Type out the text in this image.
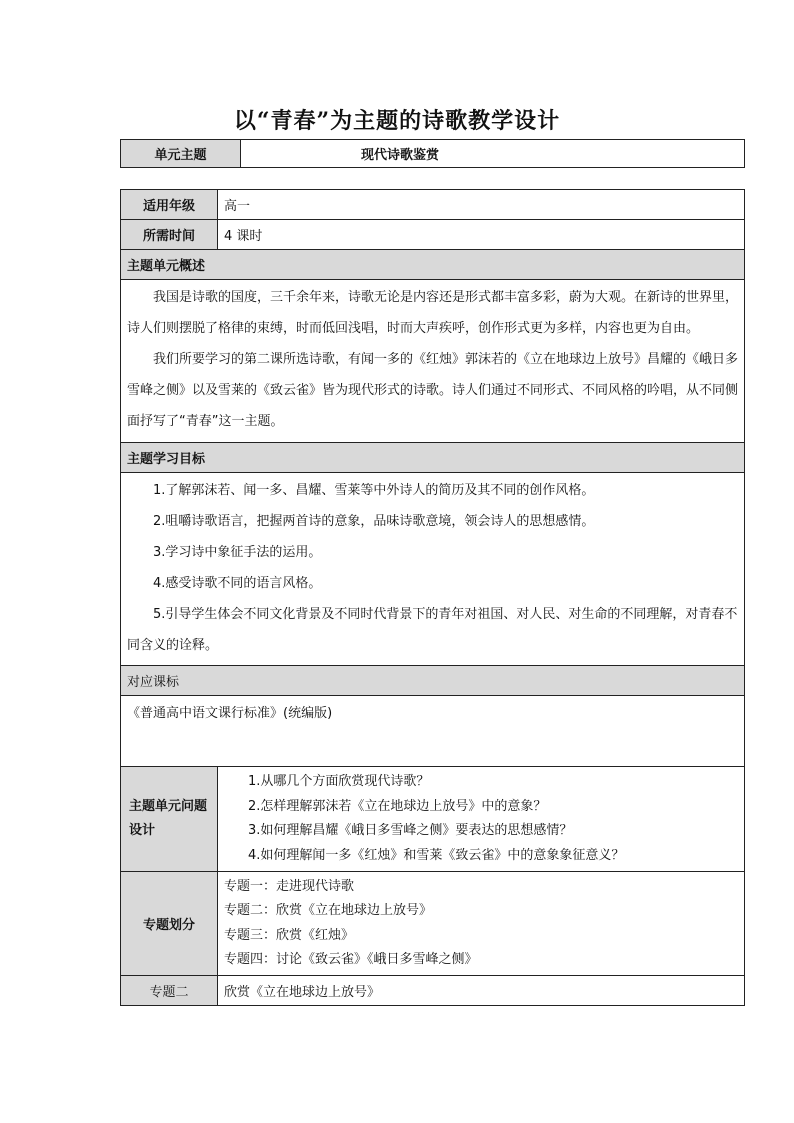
以“青春”为主题的诗歌教学设计
单元主题	现代诗歌鉴赏
适用年级	高一
所需时间	4 课时
主题单元概述	

我国是诗歌的国度，三千余年来，诗歌无论是内容还是形式都丰富多彩，蔚为大观。在新诗的世界里，诗人们则摆脱了格律的束缚，时而低回浅唱，时而大声疾呼，创作形式更为多样，内容也更为自由。

我们所要学习的第二课所选诗歌，有闻一多的《红烛》郭沫若的《立在地球边上放号》昌耀的《峨日多雪峰之侧》以及雪莱的《致云雀》皆为现代形式的诗歌。诗人们通过不同形式、不同风格的吟唱，从不同侧面抒写了“青春”这一主题。	

主题学习目标	

1.了解郭沫若、闻一多、昌耀、雪莱等中外诗人的简历及其不同的创作风格。

2.咀嚼诗歌语言，把握两首诗的意象，品味诗歌意境，领会诗人的思想感情。

3.学习诗中象征手法的运用。

4.感受诗歌不同的语言风格。

5.引导学生体会不同文化背景及不同时代背景下的青年对祖国、对人民、对生命的不同理解，对青春不同含义的诠释。	

对应课标	
《普通高中语文课行标准》(统编版)	
主题单元问题设计	1.从哪几个方面欣赏现代诗歌？
2.怎样理解郭沫若《立在地球边上放号》中的意象？
3.如何理解昌耀《峨日多雪峰之侧》要表达的思想感情？
4.如何理解闻一多《红烛》和雪莱《致云雀》中的意象象征意义？

专题划分	专题一：走进现代诗歌
专题二：欣赏《立在地球边上放号》
专题三：欣赏《红烛》
专题四：讨论《致云雀》《峨日多雪峰之侧》

专题二	欣赏《立在地球边上放号》
